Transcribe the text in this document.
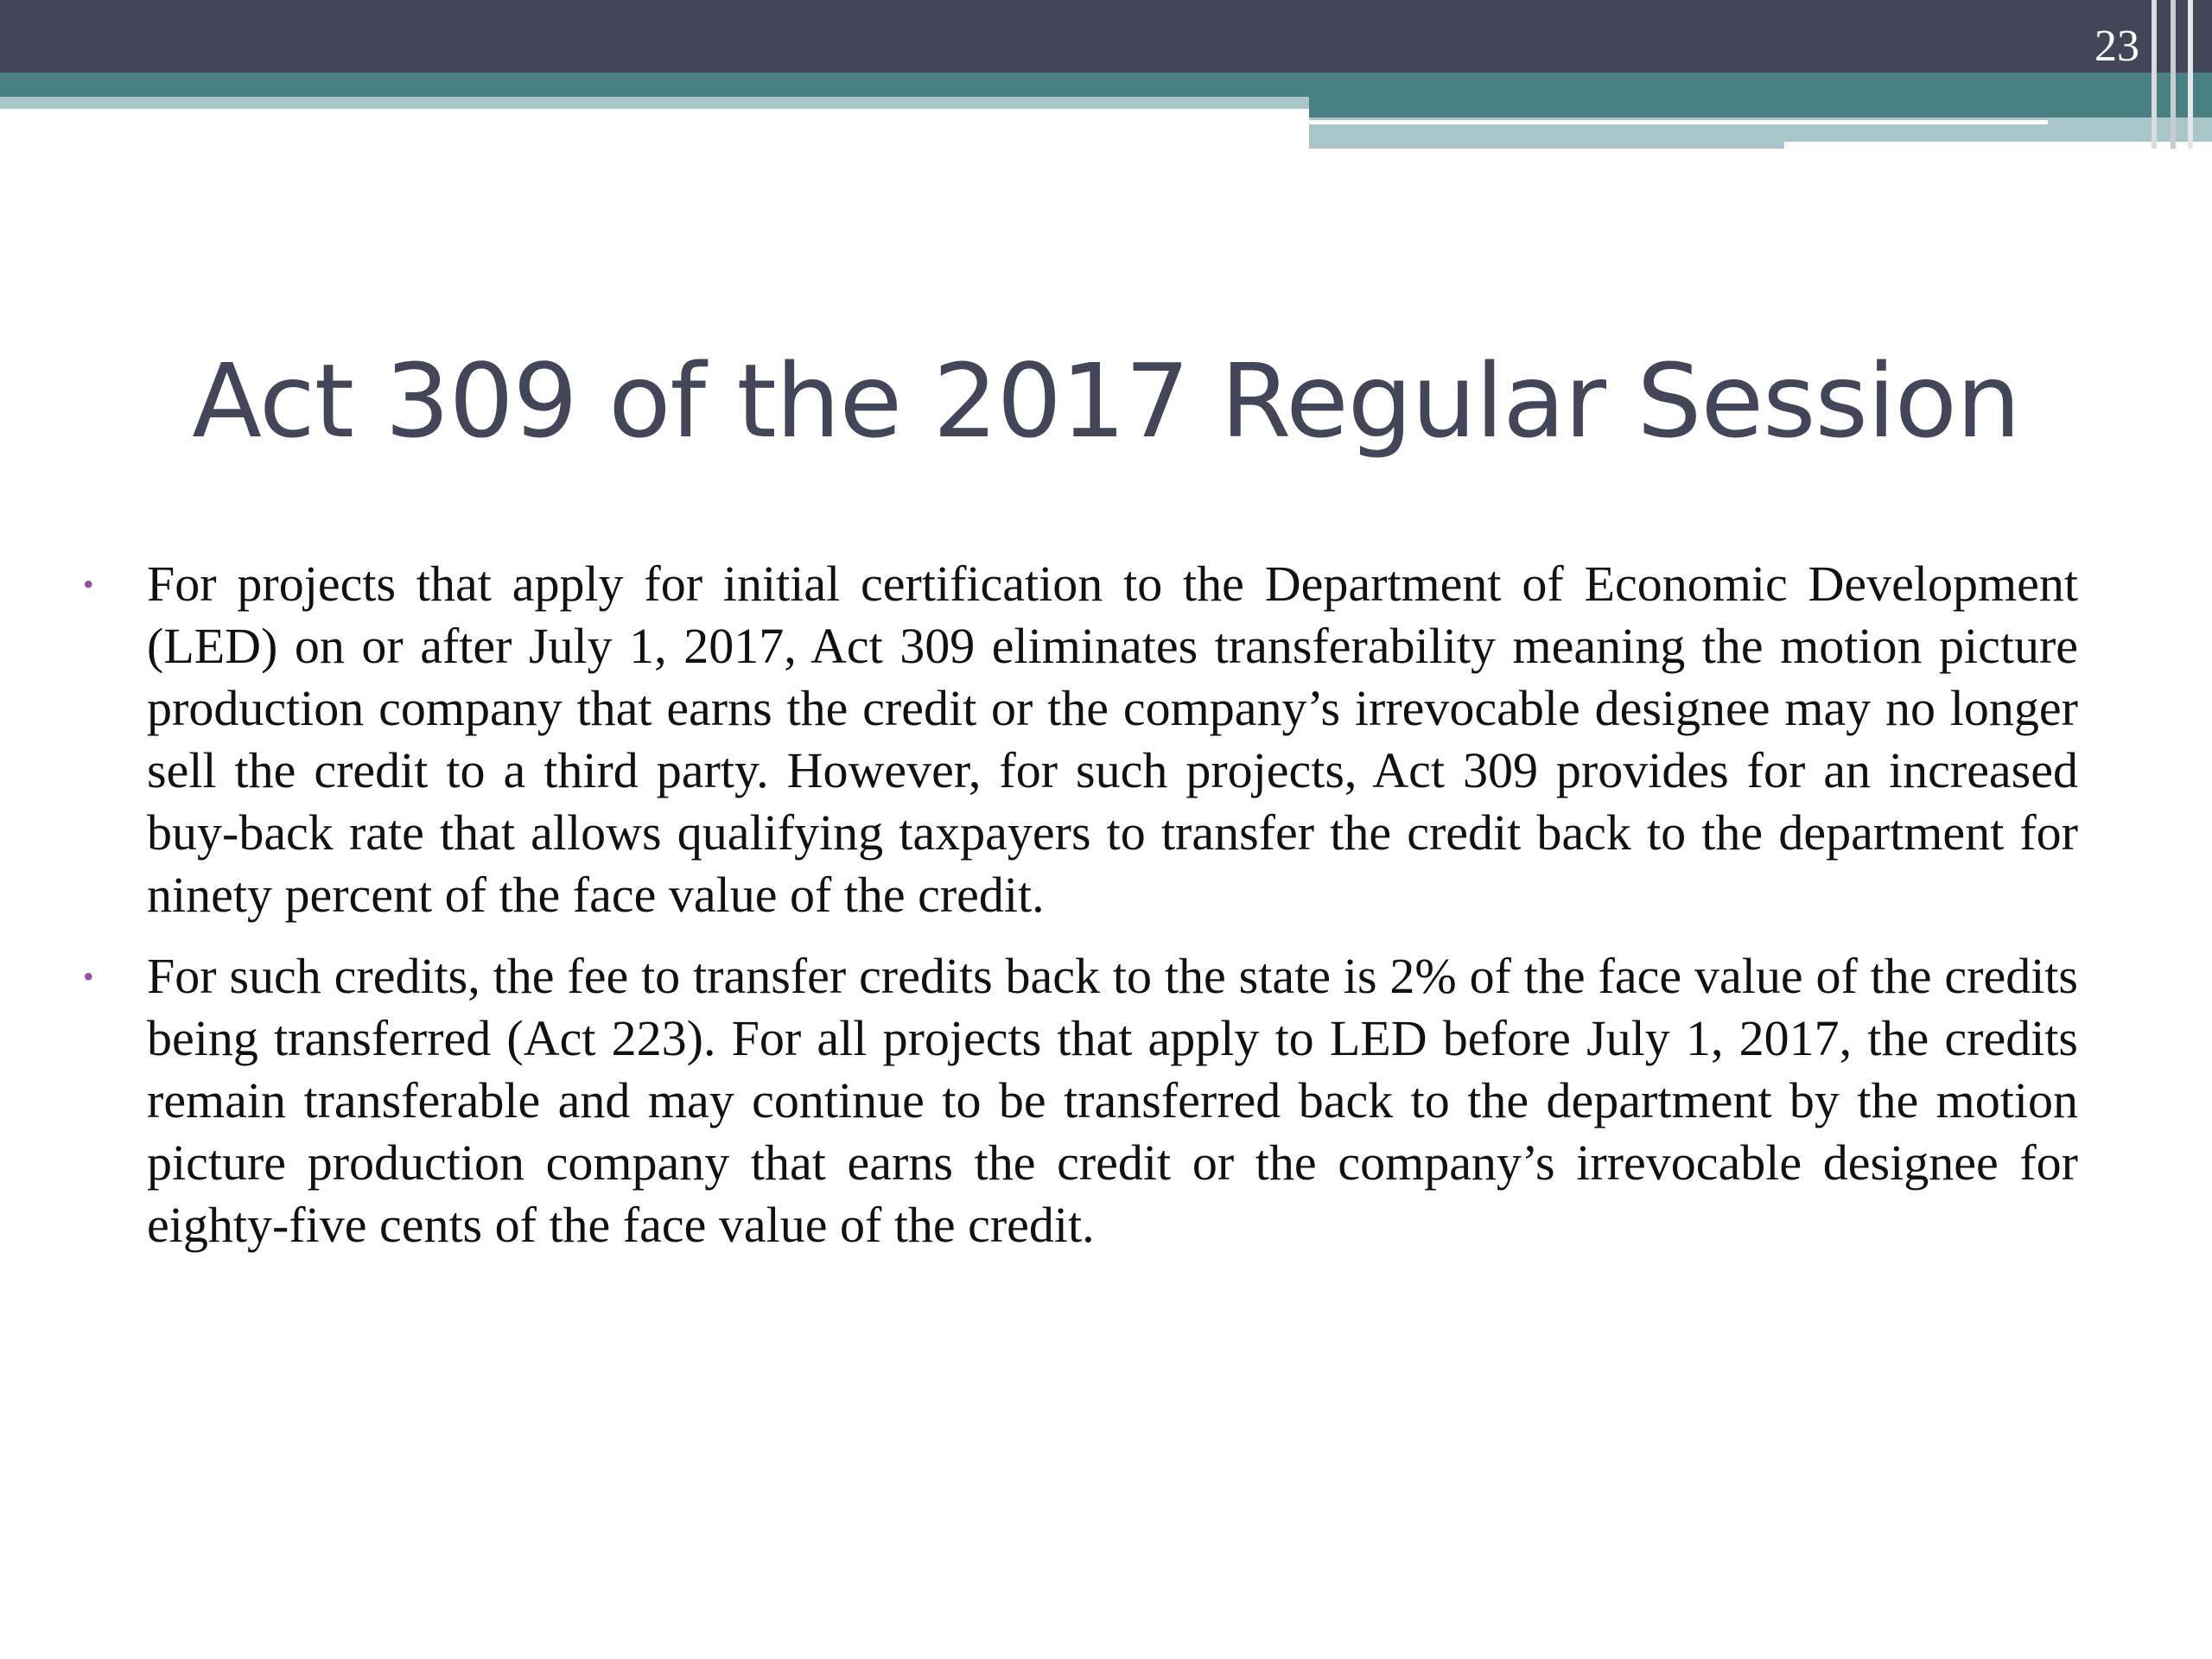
23
Act 309 of the 2017 Regular Session
•	For projects that apply for initial certification to the Department of Economic Development (LED) on or after July 1, 2017, Act 309 eliminates transferability meaning the motion picture production company that earns the credit or the company’s irrevocable designee may no longer sell the credit to a third party. However, for such projects, Act 309 provides for an increased buy-back rate that allows qualifying taxpayers to transfer the credit back to the department for ninety percent of the face value of the credit.
•	For such credits, the fee to transfer credits back to the state is 2% of the face value of the credits being transferred (Act 223). For all projects that apply to LED before July 1, 2017, the credits remain transferable and may continue to be transferred back to the department by the motion picture production company that earns the credit or the company’s irrevocable designee for eighty-five cents of the face value of the credit.
